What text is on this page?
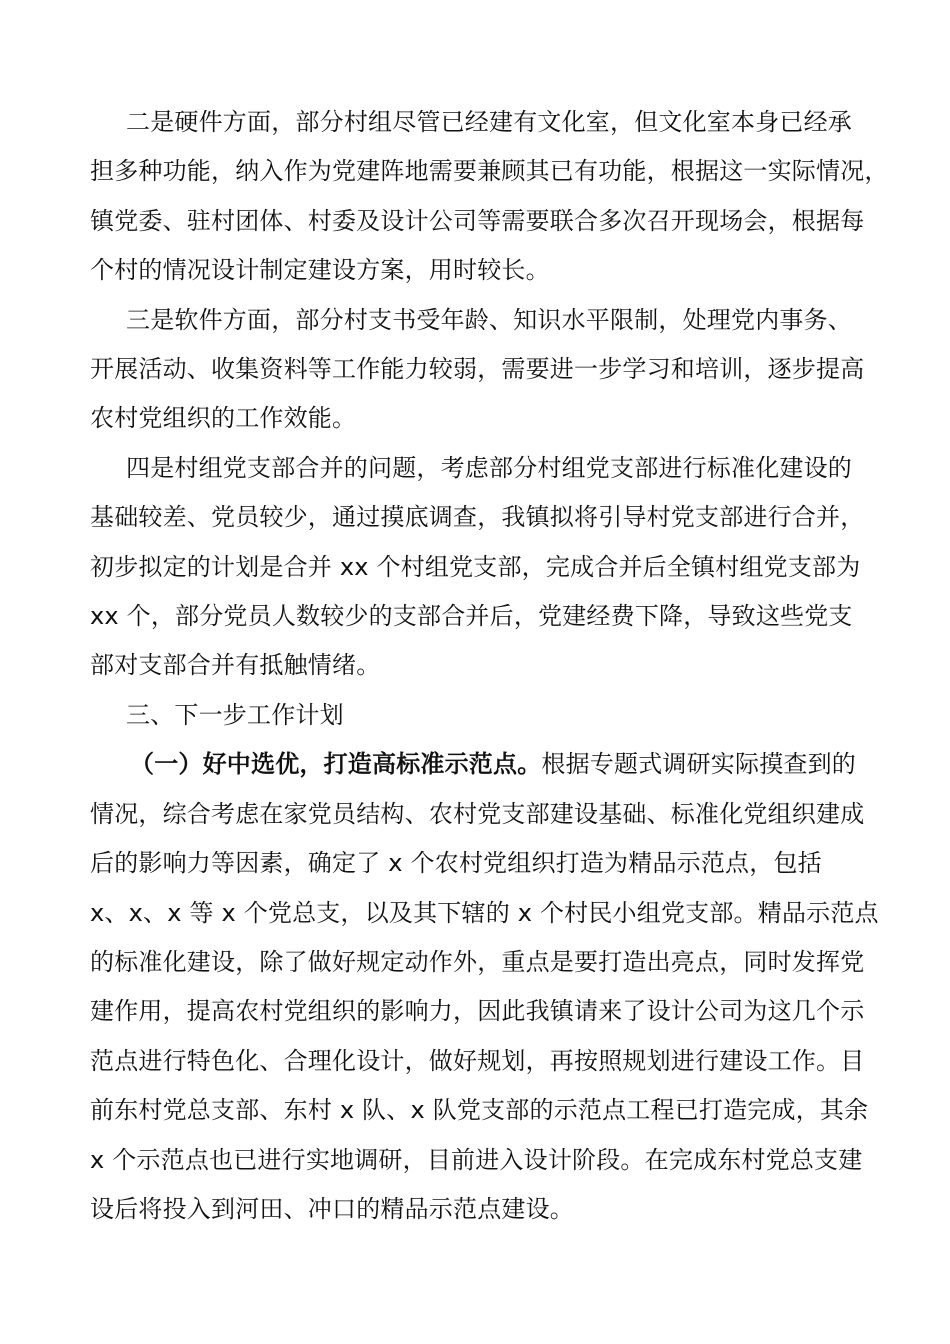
二是硬件方面，部分村组尽管已经建有文化室，但文化室本身已经承
担多种功能，纳入作为党建阵地需要兼顾其已有功能，根据这一实际情况，
镇党委、驻村团体、村委及设计公司等需要联合多次召开现场会，根据每
个村的情况设计制定建设方案，用时较长。
三是软件方面，部分村支书受年龄、知识水平限制，处理党内事务、
开展活动、收集资料等工作能力较弱，需要进一步学习和培训，逐步提高
农村党组织的工作效能。
四是村组党支部合并的问题，考虑部分村组党支部进行标准化建设的
基础较差、党员较少，通过摸底调查，我镇拟将引导村党支部进行合并，
初步拟定的计划是合并 xx 个村组党支部，完成合并后全镇村组党支部为
xx 个，部分党员人数较少的支部合并后，党建经费下降，导致这些党支
部对支部合并有抵触情绪。
三、下一步工作计划
（一）好中选优，打造高标准示范点。根据专题式调研实际摸查到的
情况，综合考虑在家党员结构、农村党支部建设基础、标准化党组织建成
后的影响力等因素，确定了 x 个农村党组织打造为精品示范点，包括
x、x、x 等 x 个党总支，以及其下辖的 x 个村民小组党支部。精品示范点
的标准化建设，除了做好规定动作外，重点是要打造出亮点，同时发挥党
建作用，提高农村党组织的影响力，因此我镇请来了设计公司为这几个示
范点进行特色化、合理化设计，做好规划，再按照规划进行建设工作。目
前东村党总支部、东村 x 队、x 队党支部的示范点工程已打造完成，其余
x 个示范点也已进行实地调研，目前进入设计阶段。在完成东村党总支建
设后将投入到河田、冲口的精品示范点建设。
